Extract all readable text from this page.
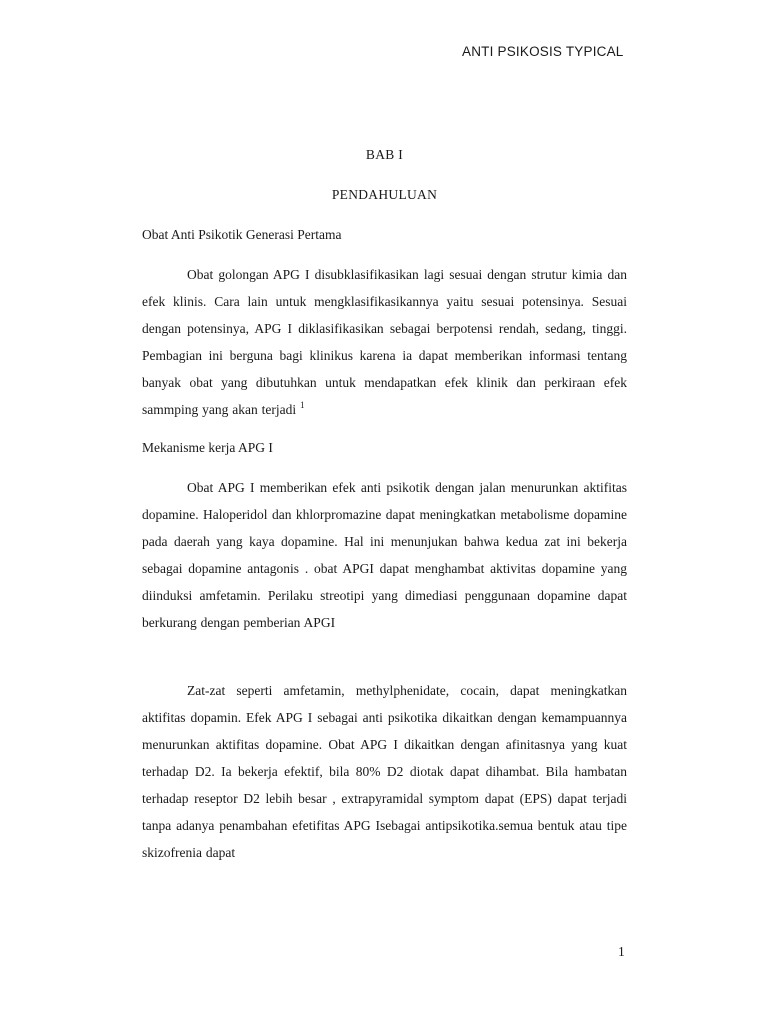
ANTI PSIKOSIS TYPICAL
BAB I
PENDAHULUAN
Obat Anti Psikotik Generasi Pertama

Obat golongan APG I disubklasifikasikan lagi sesuai dengan strutur kimia dan efek klinis. Cara lain untuk mengklasifikasikannya yaitu sesuai potensinya. Sesuai dengan potensinya, APG I diklasifikasikan sebagai berpotensi rendah, sedang, tinggi. Pembagian ini berguna bagi klinikus karena ia dapat memberikan informasi tentang banyak obat yang dibutuhkan untuk mendapatkan efek klinik dan perkiraan efek sammping yang akan terjadi $^1$

Mekanisme kerja APG I

Obat APG I memberikan efek anti psikotik dengan jalan menurunkan aktifitas dopamine. Haloperidol dan khlorpromazine dapat meningkatkan metabolisme dopamine pada daerah yang kaya dopamine. Hal ini menunjukan bahwa kedua zat ini bekerja sebagai dopamine antagonis . obat APGI dapat menghambat aktivitas dopamine yang diinduksi amfetamin. Perilaku streotipi yang dimediasi penggunaan dopamine dapat berkurang dengan pemberian APGI

Zat-zat seperti amfetamin, methylphenidate, cocain, dapat meningkatkan aktifitas dopamin. Efek APG I sebagai anti psikotika dikaitkan dengan kemampuannya menurunkan aktifitas dopamine. Obat APG I dikaitkan dengan afinitasnya yang kuat terhadap D2. Ia bekerja efektif, bila 80% D2 diotak dapat dihambat. Bila hambatan terhadap reseptor D2 lebih besar , extrapyramidal symptom dapat (EPS) dapat terjadi tanpa adanya penambahan efetifitas APG Isebagai antipsikotika.semua bentuk atau tipe skizofrenia dapat

1
